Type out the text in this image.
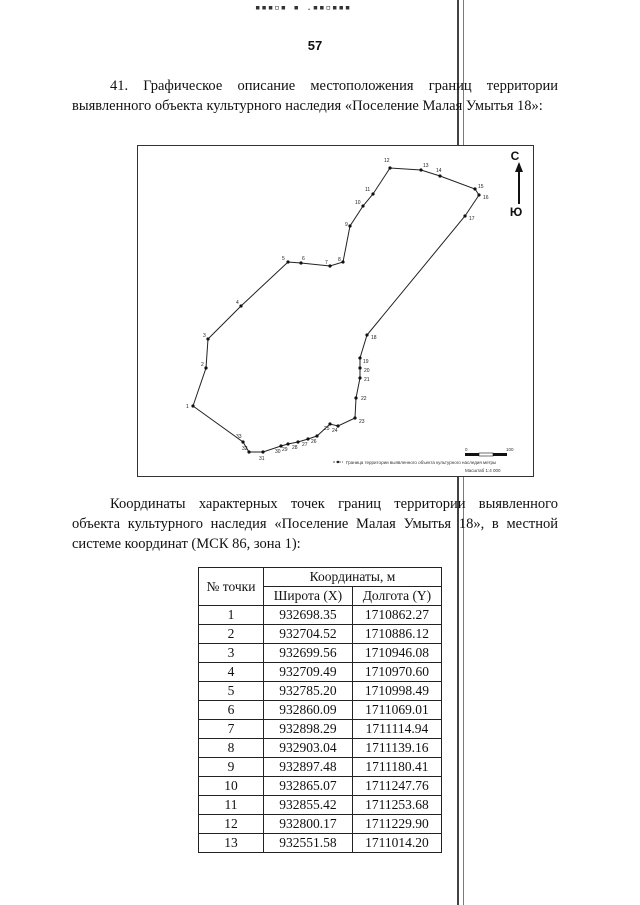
▪▪▪▫▪ ▪ .▪▪▫▪▪▪
57
41. Графическое описание местоположения границ территории выявленного объекта культурного наследия «Поселение Малая Умытья 18»:
1
2
3
4
5	6
7 8
9
10
11
12
13
14
15
16
17
18
19
20
21
22
23
24
25
26
27
28
29
30
31
32
33
С
Ю
0	100
метры
Масштаб 1:4 000
Граница территории выявленного объекта культурного наследия
Координаты характерных точек границ территории выявленного объекта культурного наследия «Поселение Малая Умытья 18», в местной системе координат (МСК 86, зона 1):
№ точки	Координаты, м	
	Широта (X)	Долгота (Y)
1	932698.35	1710862.27
2	932704.52	1710886.12
3	932699.56	1710946.08
4	932709.49	1710970.60
5	932785.20	1710998.49
6	932860.09	1711069.01
7	932898.29	1711114.94
8	932903.04	1711139.16
9	932897.48	1711180.41
10	932865.07	1711247.76
11	932855.42	1711253.68
12	932800.17	1711229.90
13	932551.58	1711014.20
